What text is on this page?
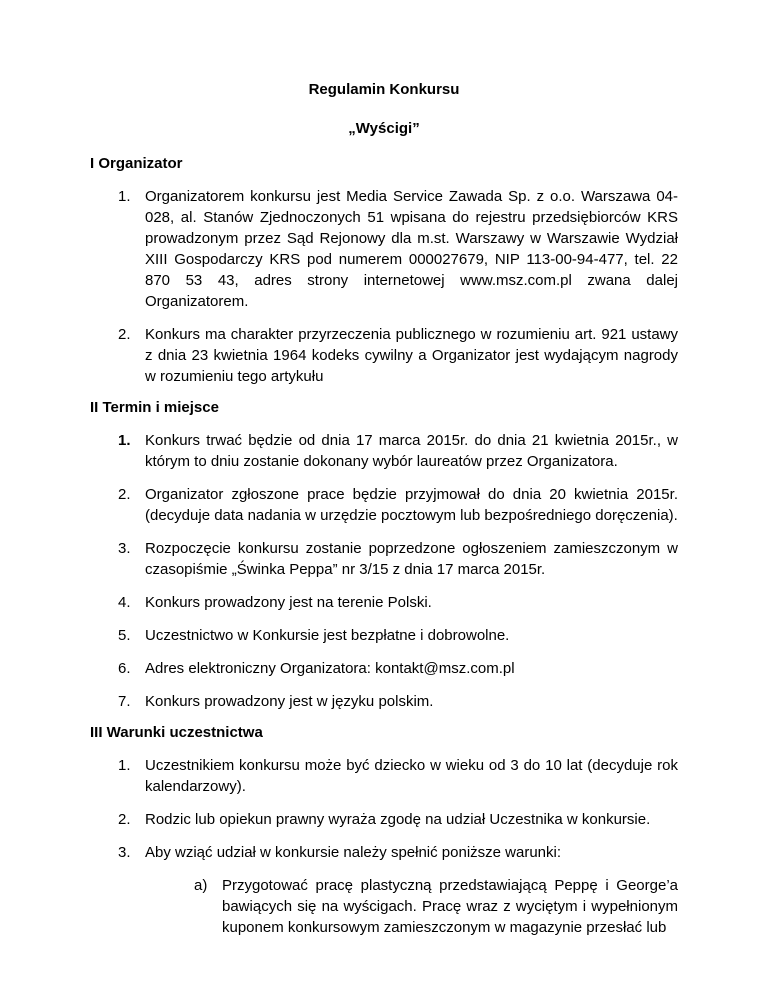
Regulamin Konkursu

„Wyścigi”

I Organizator

1. Organizatorem konkursu jest Media Service Zawada Sp. z o.o. Warszawa 04-028, al. Stanów Zjednoczonych 51 wpisana do rejestru przedsiębiorców KRS prowadzonym przez Sąd Rejonowy dla m.st. Warszawy w Warszawie Wydział XIII Gospodarczy KRS pod numerem 000027679, NIP 113-00-94-477, tel. 22 870 53 43, adres strony internetowej www.msz.com.pl zwana dalej Organizatorem.
2. Konkurs ma charakter przyrzeczenia publicznego w rozumieniu art. 921 ustawy z dnia 23 kwietnia 1964 kodeks cywilny a Organizator jest wydającym nagrody w rozumieniu tego artykułu

II Termin i miejsce

1. Konkurs trwać będzie od dnia 17 marca 2015r. do dnia 21 kwietnia 2015r., w którym to dniu zostanie dokonany wybór laureatów przez Organizatora.
2. Organizator zgłoszone prace będzie przyjmował do dnia 20 kwietnia 2015r. (decyduje data nadania w urzędzie pocztowym lub bezpośredniego doręczenia).
3. Rozpoczęcie konkursu zostanie poprzedzone ogłoszeniem zamieszczonym w czasopiśmie „Świnka Peppa” nr 3/15 z dnia 17 marca 2015r.
4. Konkurs prowadzony jest na terenie Polski.
5. Uczestnictwo w Konkursie jest bezpłatne i dobrowolne.
6. Adres elektroniczny Organizatora: kontakt@msz.com.pl
7. Konkurs prowadzony jest w języku polskim.

III Warunki uczestnictwa

1. Uczestnikiem konkursu może być dziecko w wieku od 3 do 10 lat (decyduje rok kalendarzowy).
2. Rodzic lub opiekun prawny wyraża zgodę na udział Uczestnika w konkursie.
3. Aby wziąć udział w konkursie należy spełnić poniższe warunki:
a) Przygotować pracę plastyczną przedstawiającą Peppę i George’a bawiących się na wyścigach. Pracę wraz z wyciętym i wypełnionym kuponem konkursowym zamieszczonym w magazynie przesłać lub
